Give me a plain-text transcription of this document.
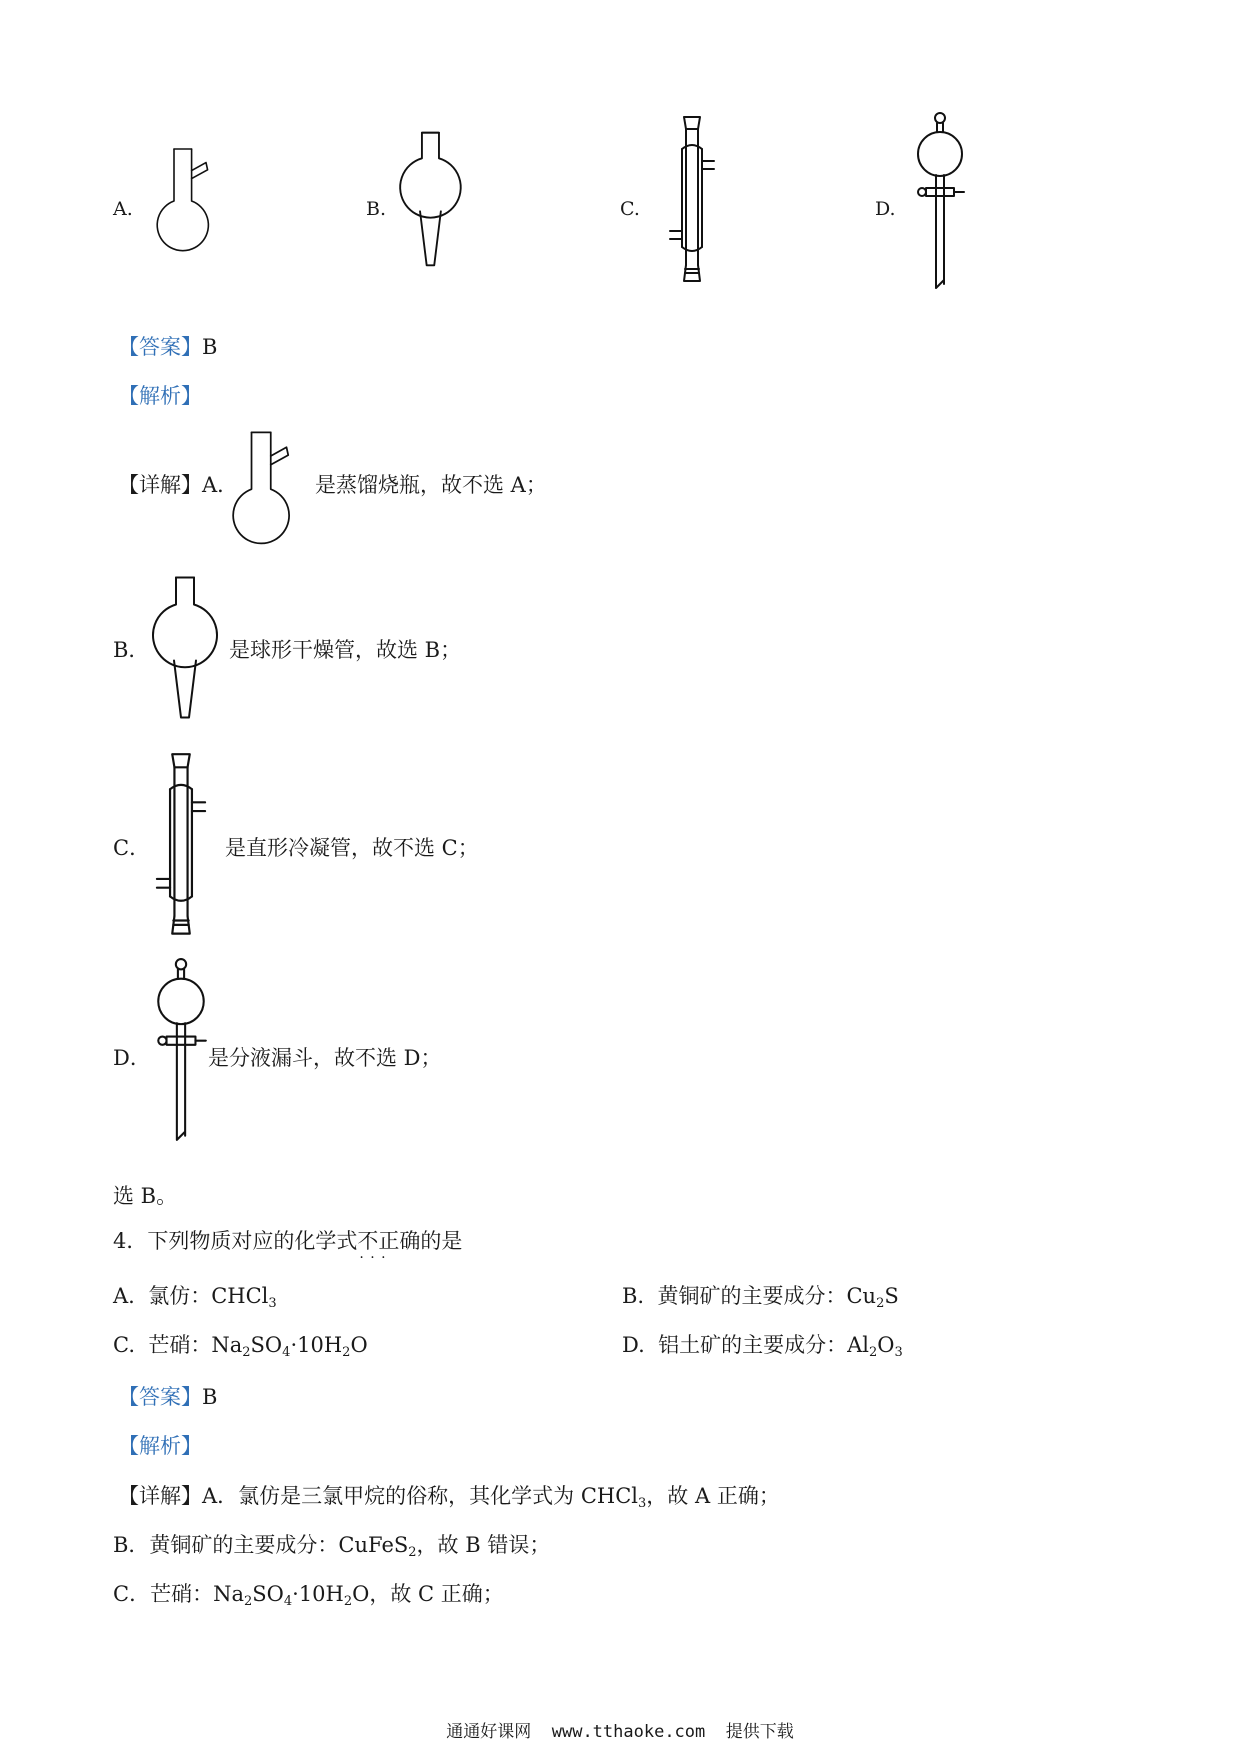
A.	B.	C.	D.
【答案】B
【解析】
【详解】A．	是蒸馏烧瓶，故不选 A；
B．	是球形干燥管，故选 B；
C．	是直形冷凝管，故不选 C；
D．	是分液漏斗，故不选 D；
选 B。
4．下列物质对应的化学式不正确 · · ·的是
A. 氯仿：CHCl$_3$	B. 黄铜矿的主要成分：$Cu_2S$
C. 芒硝：$Na_2SO_4\cdot 10H_2O$	D. 铝土矿的主要成分：$Al_2O_3$
【答案】B
【解析】
【详解】A．氯仿是三氯甲烷的俗称，其化学式为 CHCl$_3$，故 A 正确；
B．黄铜矿的主要成分：CuFeS$_2$，故 B 错误；
C．芒硝：$Na_2SO_4\cdot 10H_2O$，故 C 正确；
通通好课网  www.tthaoke.com  提供下载
